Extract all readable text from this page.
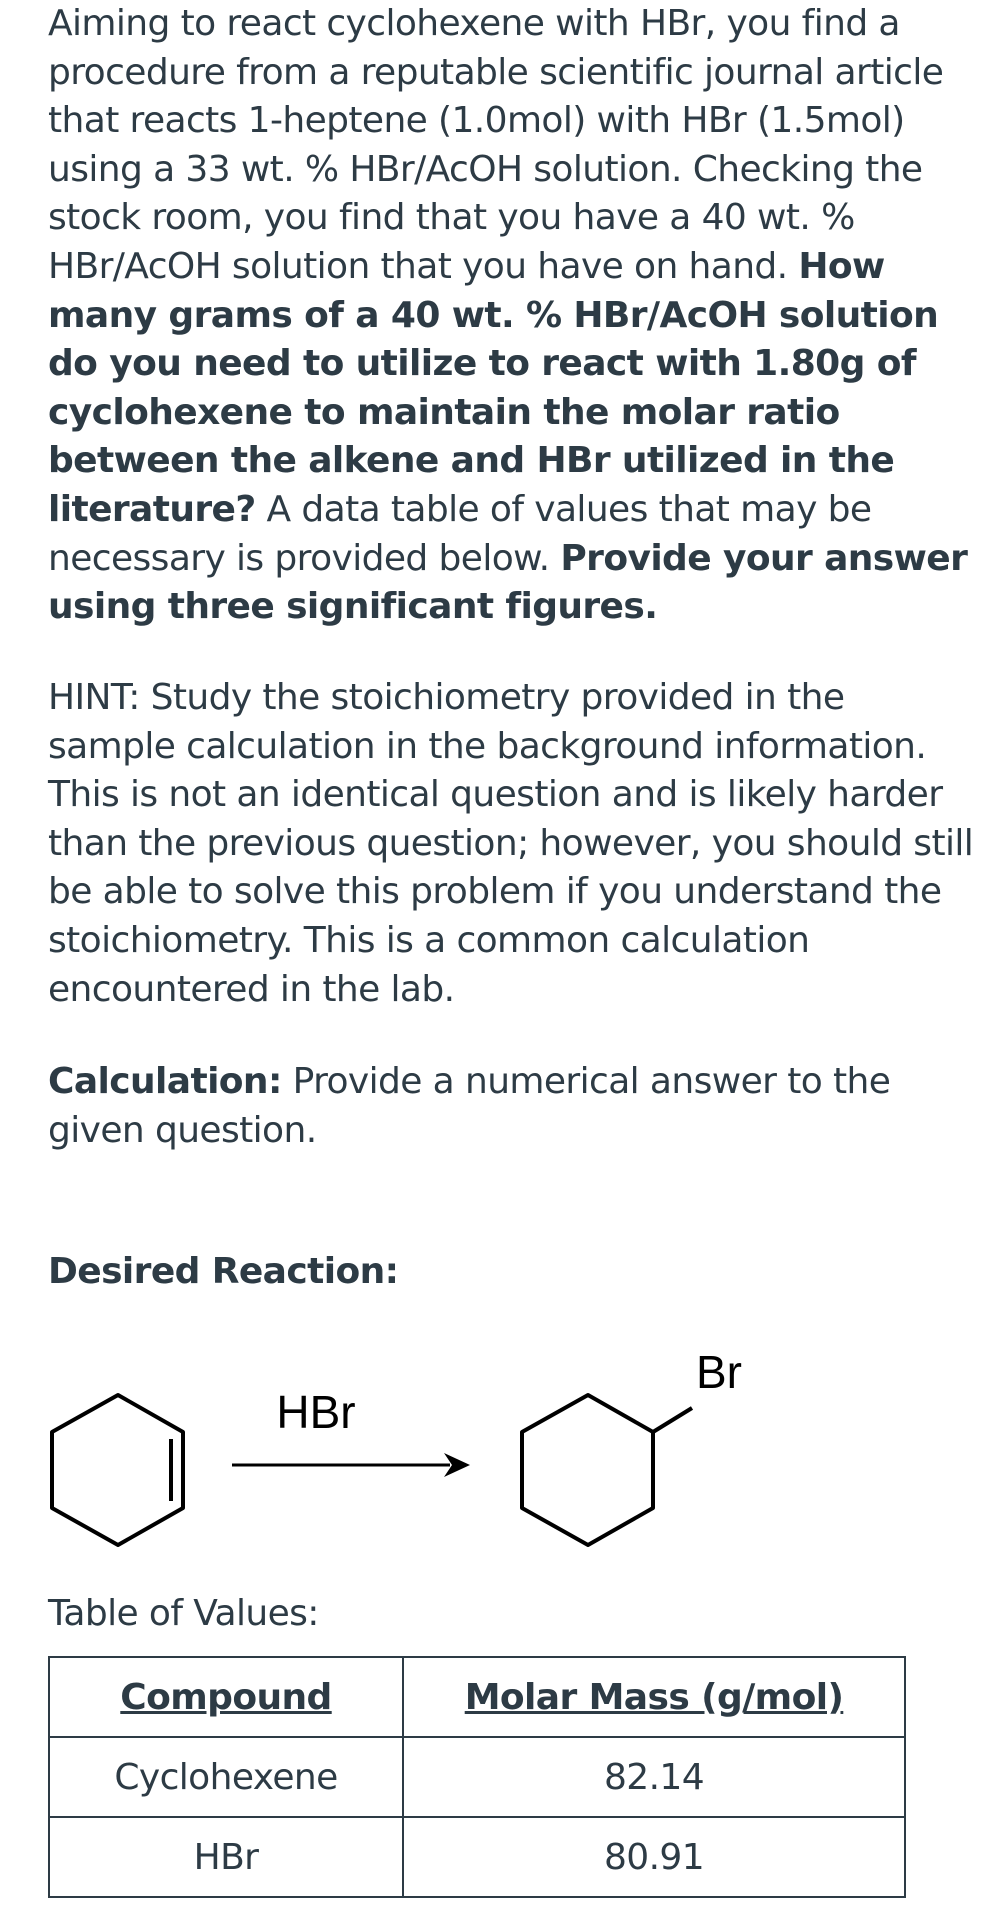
Aiming to react cyclohexene with HBr, you find a procedure from a reputable scientific journal article that reacts 1-heptene (1.0mol) with HBr (1.5mol) using a 33 wt. % HBr/AcOH solution. Checking the stock room, you find that you have a 40 wt. % HBr/AcOH solution that you have on hand. How many grams of a 40 wt. % HBr/AcOH solution do you need to utilize to react with 1.80g of cyclohexene to maintain the molar ratio between the alkene and HBr utilized in the literature? A data table of values that may be necessary is provided below. Provide your answer using three significant figures.

HINT: Study the stoichiometry provided in the sample calculation in the background information. This is not an identical question and is likely harder than the previous question; however, you should still be able to solve this problem if you understand the stoichiometry. This is a common calculation encountered in the lab.

Calculation: Provide a numerical answer to the given question.

Desired Reaction:

Table of Values:

HBr
Br
Compound	Molar Mass (g/mol)
Cyclohexene	82.14
HBr	80.91
